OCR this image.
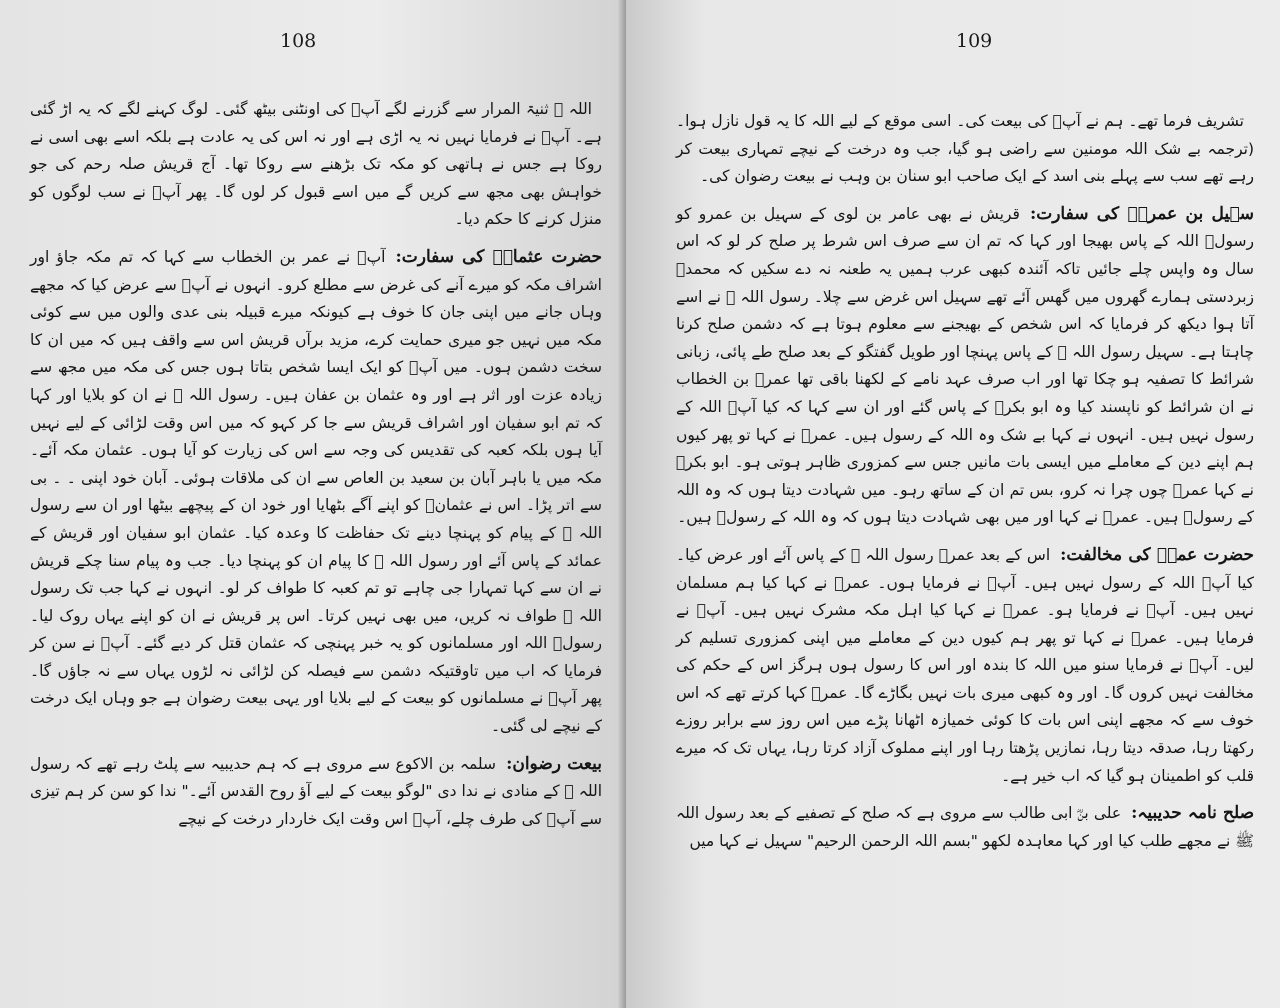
108

اللہ ﷺ ثنیۃ المرار سے گزرنے لگے آپؐ کی اونٹنی بیٹھ گئی۔ لوگ کہنے لگے کہ یہ اڑ گئی ہے۔ آپؐ نے فرمایا نہیں نہ یہ اڑی ہے اور نہ اس کی یہ عادت ہے بلکہ اسے بھی اسی نے روکا ہے جس نے ہاتھی کو مکہ تک بڑھنے سے روکا تھا۔ آج قریش صلہ رحم کی جو خواہش بھی مجھ سے کریں گے میں اسے قبول کر لوں گا۔ پھر آپؐ نے سب لوگوں کو منزل کرنے کا حکم دیا۔

حضرت عثمانؓ کی سفارت:آپؐ نے عمر بن الخطاب سے کہا کہ تم مکہ جاؤ اور اشراف مکہ کو میرے آنے کی غرض سے مطلع کرو۔ انہوں نے آپؐ سے عرض کیا کہ مجھے وہاں جانے میں اپنی جان کا خوف ہے کیونکہ میرے قبیلہ بنی عدی والوں میں سے کوئی مکہ میں نہیں جو میری حمایت کرے، مزید برآں قریش اس سے واقف ہیں کہ میں ان کا سخت دشمن ہوں۔ میں آپؐ کو ایک ایسا شخص بتاتا ہوں جس کی مکہ میں مجھ سے زیادہ عزت اور اثر ہے اور وہ عثمان بن عفان ہیں۔ رسول اللہ ﷺ نے ان کو بلایا اور کہا کہ تم ابو سفیان اور اشراف قریش سے جا کر کہو کہ میں اس وقت لڑائی کے لیے نہیں آیا ہوں بلکہ کعبہ کی تقدیس کی وجہ سے اس کی زیارت کو آیا ہوں۔ عثمان مکہ آئے۔ مکہ میں یا باہر آبان بن سعید بن العاص سے ان کی ملاقات ہوئی۔ آبان خود اپنی ۔ ۔ بی سے اتر پڑا۔ اس نے عثمانؓ کو اپنے آگے بٹھایا اور خود ان کے پیچھے بیٹھا اور ان سے رسول اللہ ﷺ کے پیام کو پہنچا دینے تک حفاظت کا وعدہ کیا۔ عثمان ابو سفیان اور قریش کے عمائد کے پاس آئے اور رسول اللہ ﷺ کا پیام ان کو پہنچا دیا۔ جب وہ پیام سنا چکے قریش نے ان سے کہا تمہارا جی چاہے تو تم کعبہ کا طواف کر لو۔ انہوں نے کہا جب تک رسول اللہ ﷺ طواف نہ کریں، میں بھی نہیں کرتا۔ اس پر قریش نے ان کو اپنے یہاں روک لیا۔ رسولؐ اللہ اور مسلمانوں کو یہ خبر پہنچی کہ عثمان قتل کر دیے گئے۔ آپؐ نے سن کر فرمایا کہ اب میں تاوقتیکہ دشمن سے فیصلہ کن لڑائی نہ لڑوں یہاں سے نہ جاؤں گا۔ پھر آپؐ نے مسلمانوں کو بیعت کے لیے بلایا اور یہی بیعت رضوان ہے جو وہاں ایک درخت کے نیچے لی گئی۔

بیعت رضوان:سلمہ بن الاکوع سے مروی ہے کہ ہم حدیبیہ سے پلٹ رہے تھے کہ رسول اللہ ﷺ کے منادی نے ندا دی "لوگو بیعت کے لیے آؤ روح القدس آئے۔" ندا کو سن کر ہم تیزی سے آپؐ کی طرف چلے، آپؐ اس وقت ایک خاردار درخت کے نیچے

109

تشریف فرما تھے۔ ہم نے آپؐ کی بیعت کی۔ اسی موقع کے لیے اللہ کا یہ قول نازل ہوا۔ (ترجمہ بے شک اللہ مومنین سے راضی ہو گیا، جب وہ درخت کے نیچے تمہاری بیعت کر رہے تھے سب سے پہلے بنی اسد کے ایک صاحب ابو سنان بن وہب نے بیعت رضوان کی۔

سہیل بن عمروؓ کی سفارت:قریش نے بھی عامر بن لوی کے سہیل بن عمرو کو رسولؐ اللہ کے پاس بھیجا اور کہا کہ تم ان سے صرف اس شرط پر صلح کر لو کہ اس سال وہ واپس چلے جائیں تاکہ آئندہ کبھی عرب ہمیں یہ طعنہ نہ دے سکیں کہ محمدؐ زبردستی ہمارے گھروں میں گھس آئے تھے سہیل اس غرض سے چلا۔ رسول اللہ ﷺ نے اسے آتا ہوا دیکھ کر فرمایا کہ اس شخص کے بھیجنے سے معلوم ہوتا ہے کہ دشمن صلح کرنا چاہتا ہے۔ سہیل رسول اللہ ﷺ کے پاس پہنچا اور طویل گفتگو کے بعد صلح طے پائی، زبانی شرائط کا تصفیہ ہو چکا تھا اور اب صرف عہد نامے کے لکھنا باقی تھا عمرؓ بن الخطاب نے ان شرائط کو ناپسند کیا وہ ابو بکرؓ کے پاس گئے اور ان سے کہا کہ کیا آپؐ اللہ کے رسول نہیں ہیں۔ انہوں نے کہا بے شک وہ اللہ کے رسول ہیں۔ عمرؓ نے کہا تو پھر کیوں ہم اپنے دین کے معاملے میں ایسی بات مانیں جس سے کمزوری ظاہر ہوتی ہو۔ ابو بکرؓ نے کہا عمرؓ چوں چرا نہ کرو، بس تم ان کے ساتھ رہو۔ میں شہادت دیتا ہوں کہ وہ اللہ کے رسولؐ ہیں۔ عمرؓ نے کہا اور میں بھی شہادت دیتا ہوں کہ وہ اللہ کے رسولؐ ہیں۔

حضرت عمرؓ کی مخالفت:اس کے بعد عمرؓ رسول اللہ ﷺ کے پاس آئے اور عرض کیا۔ کیا آپؐ اللہ کے رسول نہیں ہیں۔ آپؐ نے فرمایا ہوں۔ عمرؓ نے کہا کیا ہم مسلمان نہیں ہیں۔ آپؐ نے فرمایا ہو۔ عمرؓ نے کہا کیا اہل مکہ مشرک نہیں ہیں۔ آپؐ نے فرمایا ہیں۔ عمرؓ نے کہا تو پھر ہم کیوں دین کے معاملے میں اپنی کمزوری تسلیم کر لیں۔ آپؐ نے فرمایا سنو میں اللہ کا بندہ اور اس کا رسول ہوں ہرگز اس کے حکم کی مخالفت نہیں کروں گا۔ اور وہ کبھی میری بات نہیں بگاڑے گا۔ عمرؓ کہا کرتے تھے کہ اس خوف سے کہ مجھے اپنی اس بات کا کوئی خمیازہ اٹھانا پڑے میں اس روز سے برابر روزے رکھتا رہا، صدقہ دیتا رہا، نمازیں پڑھتا رہا اور اپنے مملوک آزاد کرتا رہا، یہاں تک کہ میرے قلب کو اطمینان ہو گیا کہ اب خیر ہے۔

صلح نامہ حدیبیہ:علی بنؓ ابی طالب سے مروی ہے کہ صلح کے تصفیے کے بعد رسول اللہ ﷺ نے مجھے طلب کیا اور کہا معاہدہ لکھو "بسم اللہ الرحمن الرحیم" سہیل نے کہا میں
